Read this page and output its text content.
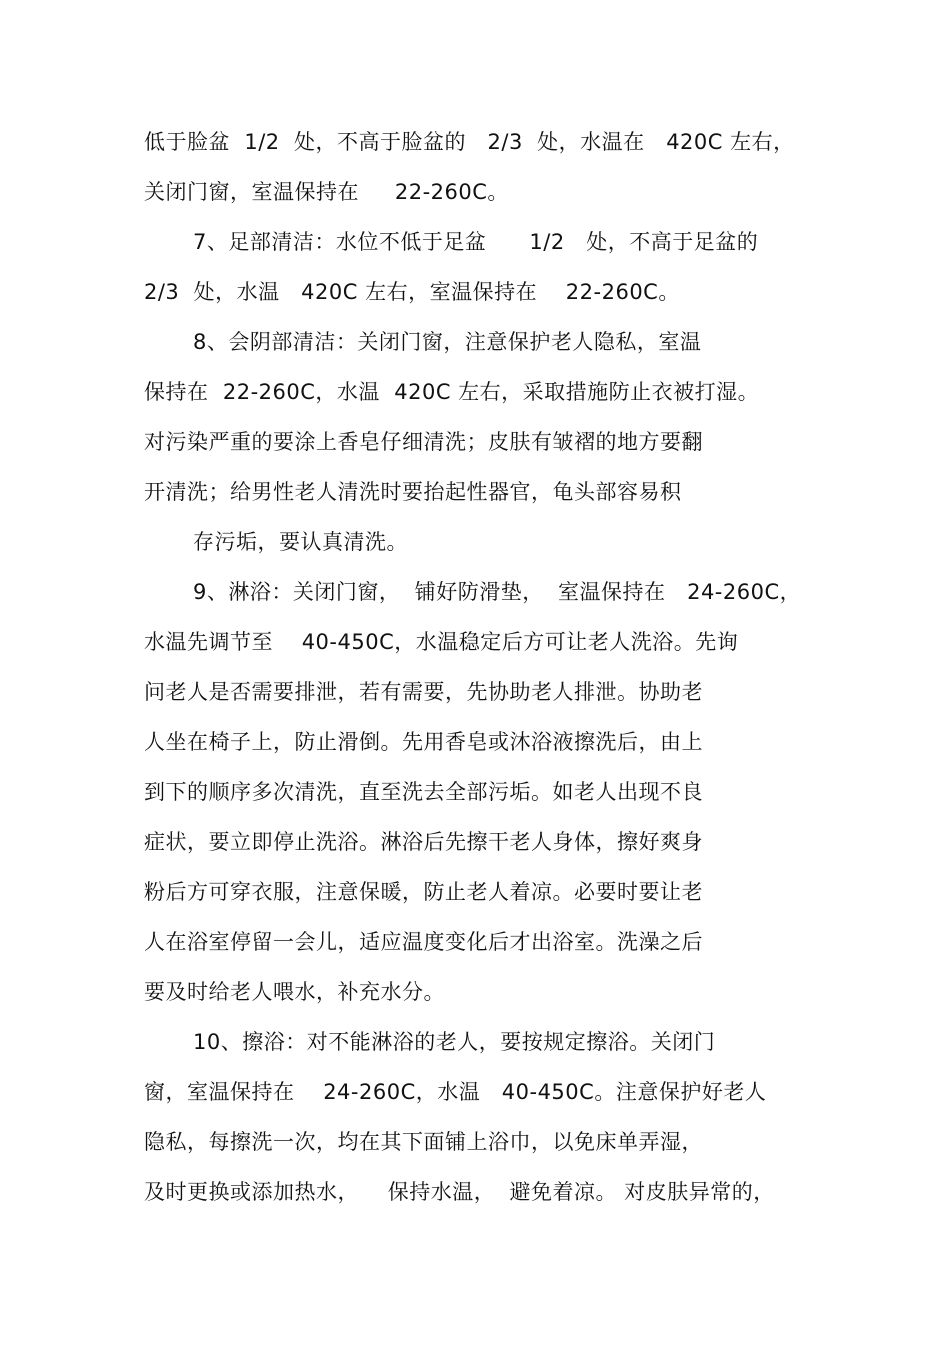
低于脸盆  1/2  处，不高于脸盆的   2/3  处，水温在   420C 左右，
关闭门窗，室温保持在     22-260C。
7、足部清洁：水位不低于足盆      1/2   处，不高于足盆的
2/3  处，水温   420C 左右，室温保持在    22-260C。
8、会阴部清洁：关闭门窗，注意保护老人隐私，室温
保持在  22-260C，水温  420C 左右，采取措施防止衣被打湿。
对污染严重的要涂上香皂仔细清洗；皮肤有皱褶的地方要翻
开清洗；给男性老人清洗时要抬起性器官，龟头部容易积
存污垢，要认真清洗。
9、淋浴：关闭门窗，  铺好防滑垫，  室温保持在   24-260C，
水温先调节至    40-450C，水温稳定后方可让老人洗浴。先询
问老人是否需要排泄，若有需要，先协助老人排泄。协助老
人坐在椅子上，防止滑倒。先用香皂或沐浴液擦洗后，由上
到下的顺序多次清洗，直至洗去全部污垢。如老人出现不良
症状，要立即停止洗浴。淋浴后先擦干老人身体，擦好爽身
粉后方可穿衣服，注意保暖，防止老人着凉。必要时要让老
人在浴室停留一会儿，适应温度变化后才出浴室。洗澡之后
要及时给老人喂水，补充水分。
10、擦浴：对不能淋浴的老人，要按规定擦浴。关闭门
窗，室温保持在    24-260C，水温   40-450C。注意保护好老人
隐私，每擦洗一次，均在其下面铺上浴巾，以免床单弄湿，
及时更换或添加热水，    保持水温，  避免着凉。 对皮肤异常的，
